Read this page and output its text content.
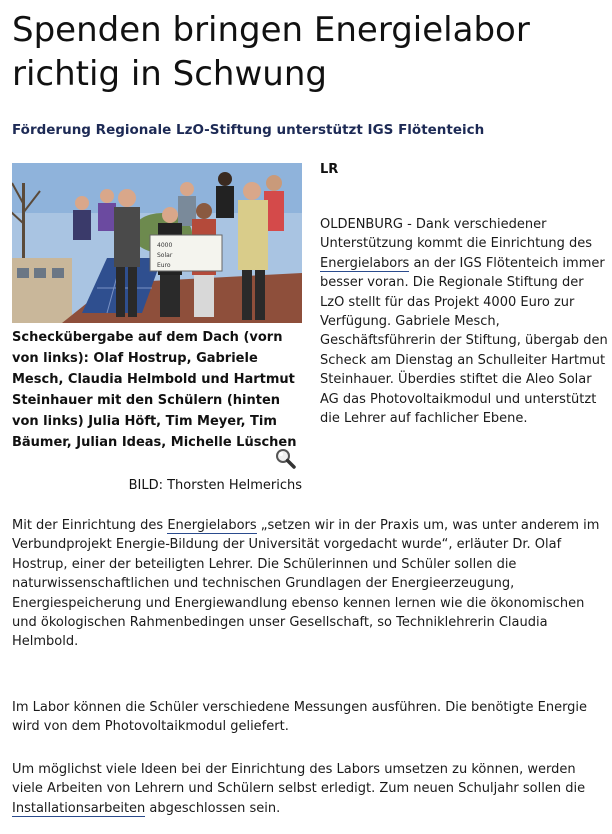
Spenden bringen Energielabor richtig in Schwung
Förderung Regionale LzO-Stiftung unterstützt IGS Flötenteich
4000
Solar
Euro

Scheckübergabe auf dem Dach (vorn von links): Olaf Hostrup, Gabriele Mesch, Claudia Helmbold und Hartmut Steinhauer mit den Schülern (hinten von links) Julia Höft, Tim Meyer, Tim Bäumer, Julian Ideas, Michelle Lüschen

BILD: Thorsten Helmerichs
LR

OLDENBURG - Dank verschiedener Unterstützung kommt die Einrichtung des Energielabors an der IGS Flötenteich immer besser voran. Die Regionale Stiftung der LzO stellt für das Projekt 4000 Euro zur Verfügung. Gabriele Mesch, Geschäftsführerin der Stiftung, übergab den Scheck am Dienstag an Schulleiter Hartmut Steinhauer. Überdies stiftet die Aleo Solar AG das Photovoltaikmodul und unterstützt die Lehrer auf fachlicher Ebene.

Mit der Einrichtung des Energielabors „setzen wir in der Praxis um, was unter anderem im Verbundprojekt Energie-Bildung der Universität vorgedacht wurde“, erläuter Dr. Olaf Hostrup, einer der beteiligten Lehrer. Die Schülerinnen und Schüler sollen die naturwissenschaftlichen und technischen Grundlagen der Energieerzeugung, Energiespeicherung und Energiewandlung ebenso kennen lernen wie die ökonomischen und ökologischen Rahmenbedingen unser Gesellschaft, so Techniklehrerin Claudia Helmbold.

Im Labor können die Schüler verschiedene Messungen ausführen. Die benötigte Energie wird von dem Photovoltaikmodul geliefert.

Um möglichst viele Ideen bei der Einrichtung des Labors umsetzen zu können, werden viele Arbeiten von Lehrern und Schülern selbst erledigt. Zum neuen Schuljahr sollen die Installationsarbeiten abgeschlossen sein.
